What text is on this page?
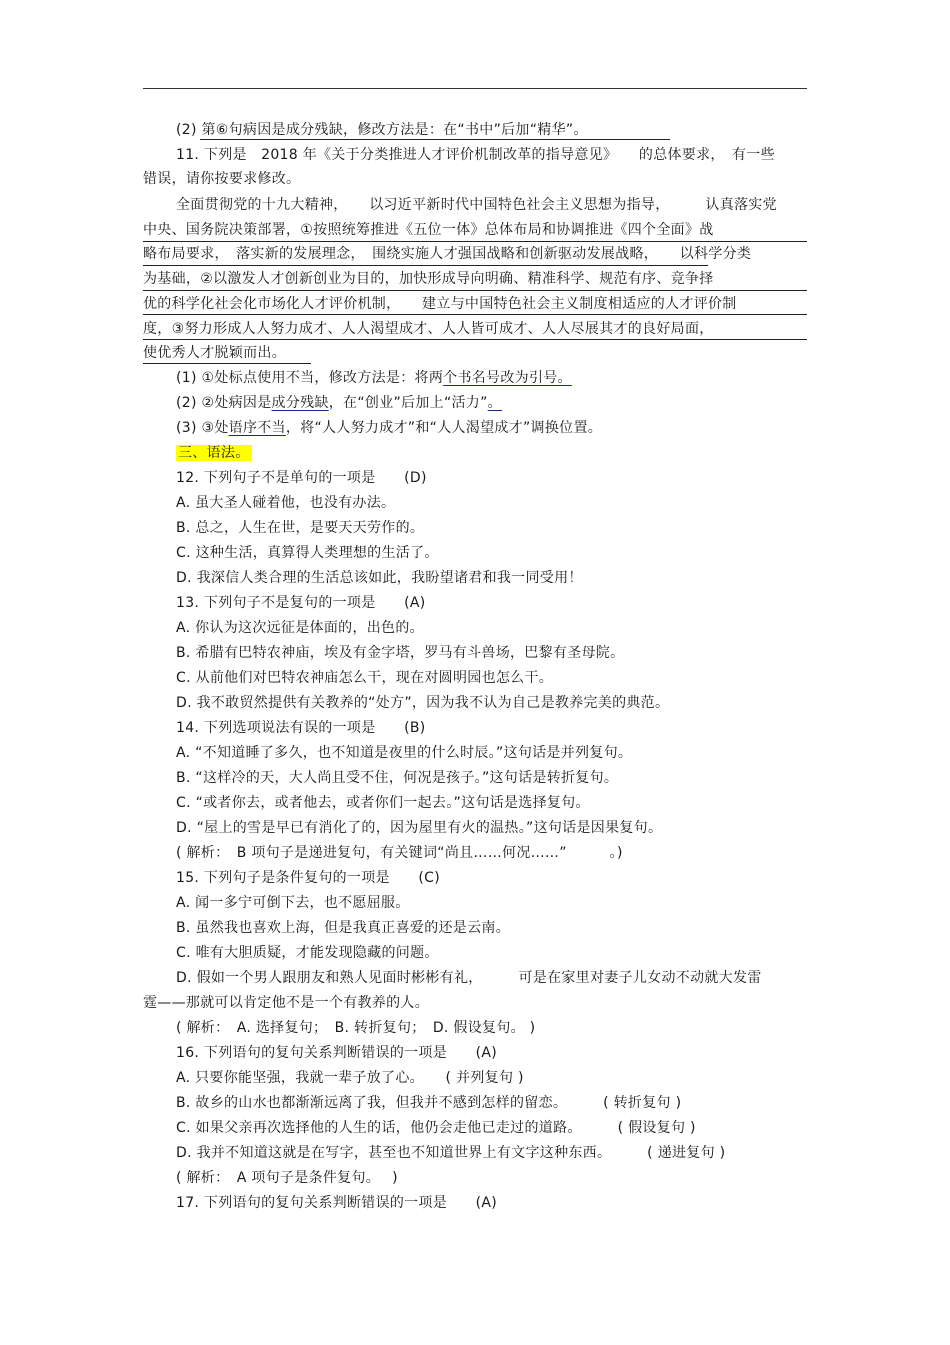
(2) 第⑥句病因是成分残缺，修改方法是：在“书中”后加“精华”。
11. 下列是　2018 年《关于分类推进人才评价机制改革的指导意见》　　的总体要求，　有一些
错误，请你按要求修改。
全面贯彻党的十九大精神，　　以习近平新时代中国特色社会主义思想为指导，　　　认真落实党
中央、国务院决策部署，①按照统筹推进《五位一体》总体布局和协调推进《四个全面》战
略布局要求，　落实新的发展理念，　围绕实施人才强国战略和创新驱动发展战略，　　以科学分类
为基础，②以激发人才创新创业为目的，加快形成导向明确、精准科学、规范有序、竞争择
优的科学化社会化市场化人才评价机制，　　建立与中国特色社会主义制度相适应的人才评价制
度，③努力形成人人努力成才、人人渴望成才、人人皆可成才、人人尽展其才的良好局面，
使优秀人才脱颖而出。
(1) ①处标点使用不当，修改方法是：将两个书名号改为引号。
(2) ②处病因是成分残缺，在“创业”后加上“活力”。
(3) ③处语序不当，将“人人努力成才”和“人人渴望成才”调换位置。
三、语法。
12. 下列句子不是单句的一项是　　(D)
A. 虽大圣人碰着他，也没有办法。
B. 总之，人生在世，是要天天劳作的。
C. 这种生活，真算得人类理想的生活了。
D. 我深信人类合理的生活总该如此，我盼望诸君和我一同受用！
13. 下列句子不是复句的一项是　　(A)
A. 你认为这次远征是体面的，出色的。
B. 希腊有巴特农神庙，埃及有金字塔，罗马有斗兽场，巴黎有圣母院。
C. 从前他们对巴特农神庙怎么干，现在对圆明园也怎么干。
D. 我不敢贸然提供有关教养的“处方”，因为我不认为自己是教养完美的典范。
14. 下列选项说法有误的一项是　　(B)
A. “不知道睡了多久，也不知道是夜里的什么时辰。”这句话是并列复句。
B. “这样冷的天，大人尚且受不住，何况是孩子。”这句话是转折复句。
C. “或者你去，或者他去，或者你们一起去。”这句话是选择复句。
D. “屋上的雪是早已有消化了的，因为屋里有火的温热。”这句话是因果复句。
( 解析：　B 项句子是递进复句，有关键词“尚且……何况……”　　　。)
15. 下列句子是条件复句的一项是　　(C)
A. 闻一多宁可倒下去，也不愿屈服。
B. 虽然我也喜欢上海，但是我真正喜爱的还是云南。
C. 唯有大胆质疑，才能发现隐藏的问题。
D. 假如一个男人跟朋友和熟人见面时彬彬有礼，　　　可是在家里对妻子儿女动不动就大发雷
霆——那就可以肯定他不是一个有教养的人。
( 解析：　A. 选择复句；　B. 转折复句；　D. 假设复句。 )
16. 下列语句的复句关系判断错误的一项是　　(A)
A. 只要你能坚强，我就一辈子放了心。　　( 并列复句 )
B. 故乡的山水也都渐渐远离了我，但我并不感到怎样的留恋。　　　( 转折复句 )
C. 如果父亲再次选择他的人生的话，他仍会走他已走过的道路。　　　( 假设复句 )
D. 我并不知道这就是在写字，甚至也不知道世界上有文字这种东西。　　　( 递进复句 )
( 解析：　A 项句子是条件复句。　 )
17. 下列语句的复句关系判断错误的一项是　　(A)
